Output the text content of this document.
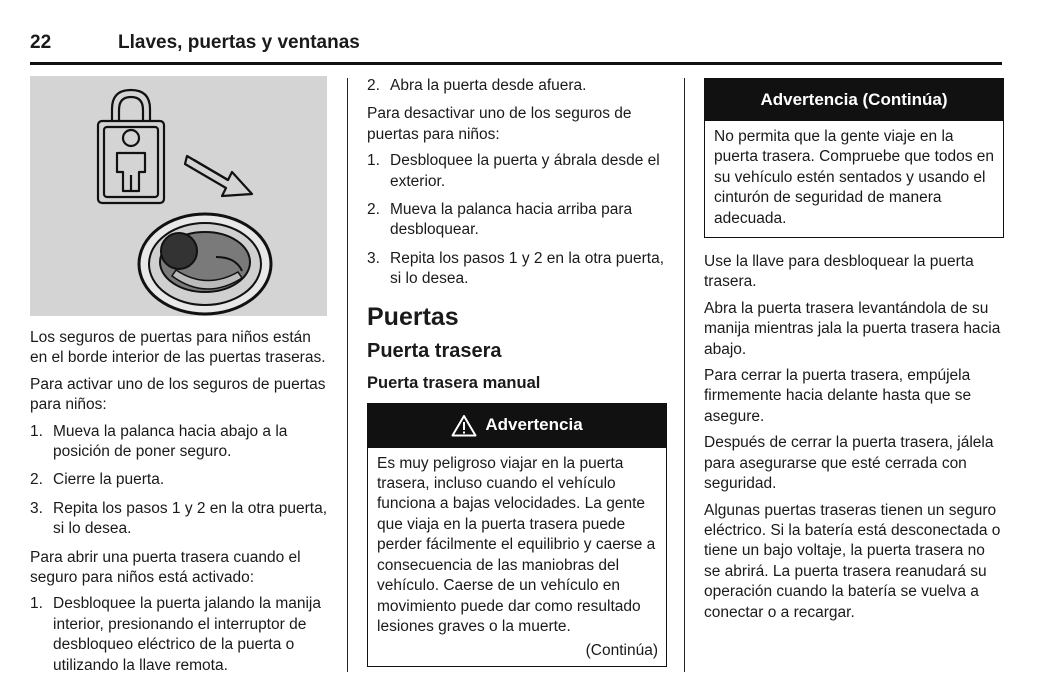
22	Llaves, puertas y ventanas

Los seguros de puertas para niños están en el borde interior de las puertas traseras.

Para activar uno de los seguros de puertas para niños:

1. Mueva la palanca hacia abajo a la posición de poner seguro.
2. Cierre la puerta.
3. Repita los pasos 1 y 2 en la otra puerta, si lo desea.

Para abrir una puerta trasera cuando el seguro para niños está activado:

1. Desbloquee la puerta jalando la manija interior, presionando el interruptor de desbloqueo eléctrico de la puerta o utilizando la llave remota.
2. Abra la puerta desde afuera.

Para desactivar uno de los seguros de puertas para niños:

1. Desbloquee la puerta y ábrala desde el exterior.
2. Mueva la palanca hacia arriba para desbloquear.
3. Repita los pasos 1 y 2 en la otra puerta, si lo desea.
Puertas
Puerta trasera
Puerta trasera manual
Advertencia

Es muy peligroso viajar en la puerta trasera, incluso cuando el vehículo funciona a bajas velocidades. La gente que viaja en la puerta trasera puede perder fácilmente el equilibrio y caerse a consecuencia de las maniobras del vehículo. Caerse de un vehículo en movimiento puede dar como resultado lesiones graves o la muerte.

(Continúa)
Advertencia (Continúa)

No permita que la gente viaje en la puerta trasera. Compruebe que todos en su vehículo estén sentados y usando el cinturón de seguridad de manera adecuada.

Use la llave para desbloquear la puerta trasera.

Abra la puerta trasera levantándola de su manija mientras jala la puerta trasera hacia abajo.

Para cerrar la puerta trasera, empújela firmemente hacia delante hasta que se asegure.

Después de cerrar la puerta trasera, jálela para asegurarse que esté cerrada con seguridad.

Algunas puertas traseras tienen un seguro eléctrico. Si la batería está desconectada o tiene un bajo voltaje, la puerta trasera no se abrirá. La puerta trasera reanudará su operación cuando la batería se vuelva a conectar o a recargar.
